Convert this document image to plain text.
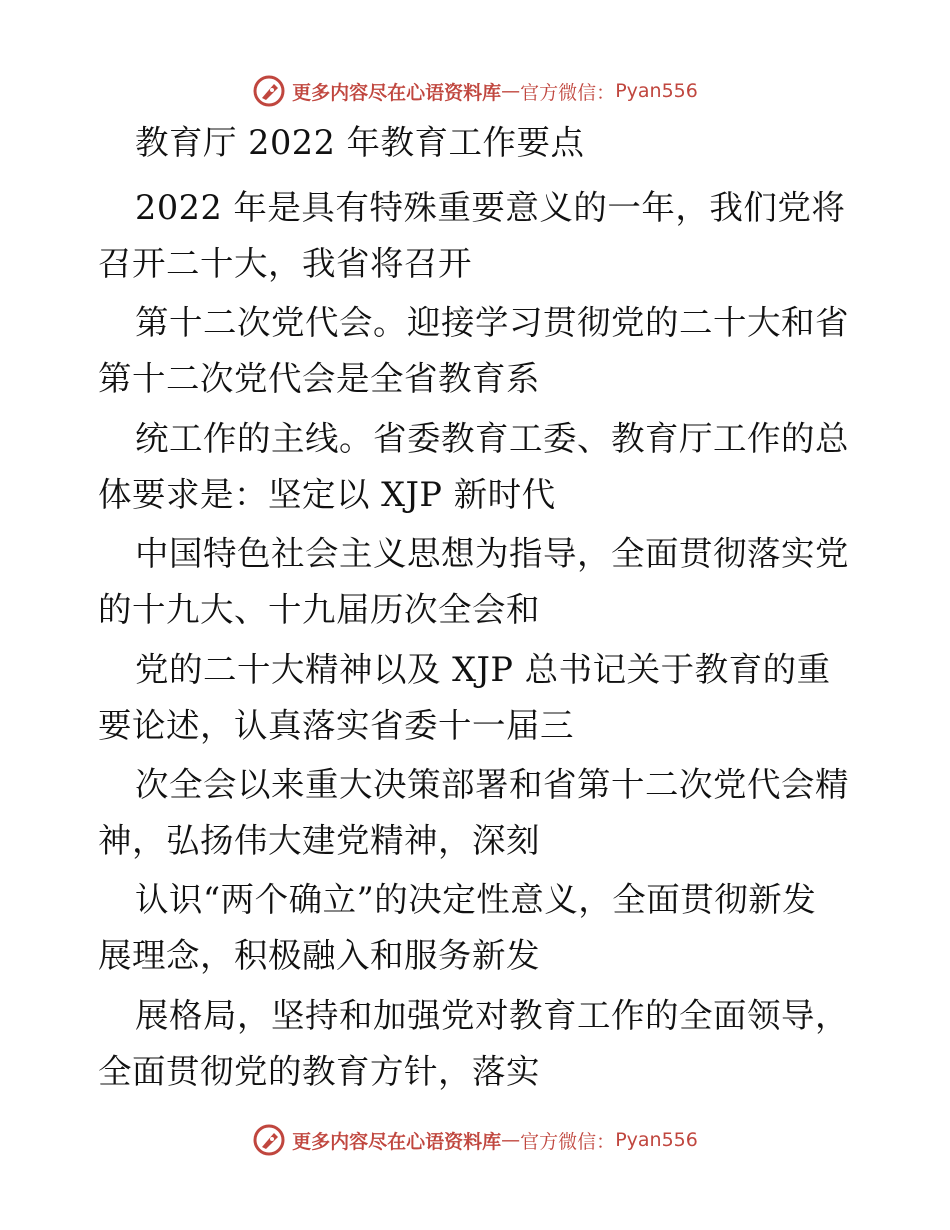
更多内容尽在心语资料库 — 官方微信： Pyan556
教育厅 2022 年教育工作要点
2022 年是具有特殊重要意义的一年，我们党将
召开二十大，我省将召开
第十二次党代会。迎接学习贯彻党的二十大和省
第十二次党代会是全省教育系
统工作的主线。省委教育工委、教育厅工作的总
体要求是：坚定以 XJP 新时代
中国特色社会主义思想为指导，全面贯彻落实党
的十九大、十九届历次全会和
党的二十大精神以及 XJP 总书记关于教育的重
要论述，认真落实省委十一届三
次全会以来重大决策部署和省第十二次党代会精
神，弘扬伟大建党精神，深刻
认识“两个确立”的决定性意义，全面贯彻新发
展理念，积极融入和服务新发
展格局，坚持和加强党对教育工作的全面领导，
全面贯彻党的教育方针，落实
更多内容尽在心语资料库 — 官方微信： Pyan556
